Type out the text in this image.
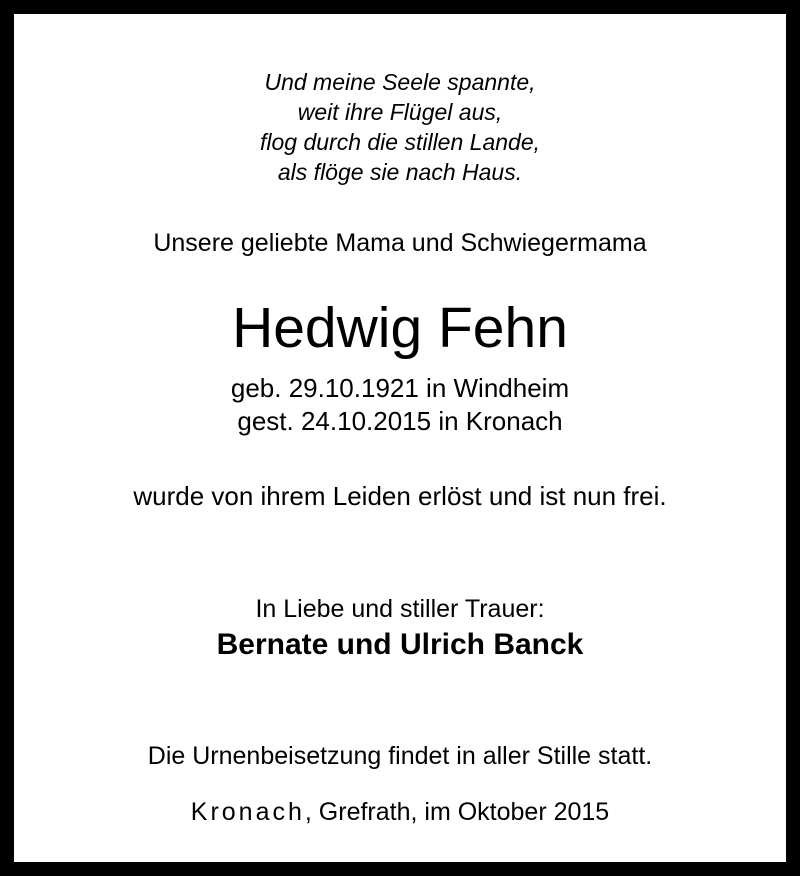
Und meine Seele spannte,

weit ihre Flügel aus,

flog durch die stillen Lande,

als flöge sie nach Haus.

Unsere geliebte Mama und Schwiegermama

Hedwig Fehn

geb. 29.10.1921 in Windheim

gest. 24.10.2015 in Kronach

wurde von ihrem Leiden erlöst und ist nun frei.

In Liebe und stiller Trauer:

Bernate und Ulrich Banck

Die Urnenbeisetzung findet in aller Stille statt.

Kronach, Grefrath, im Oktober 2015
